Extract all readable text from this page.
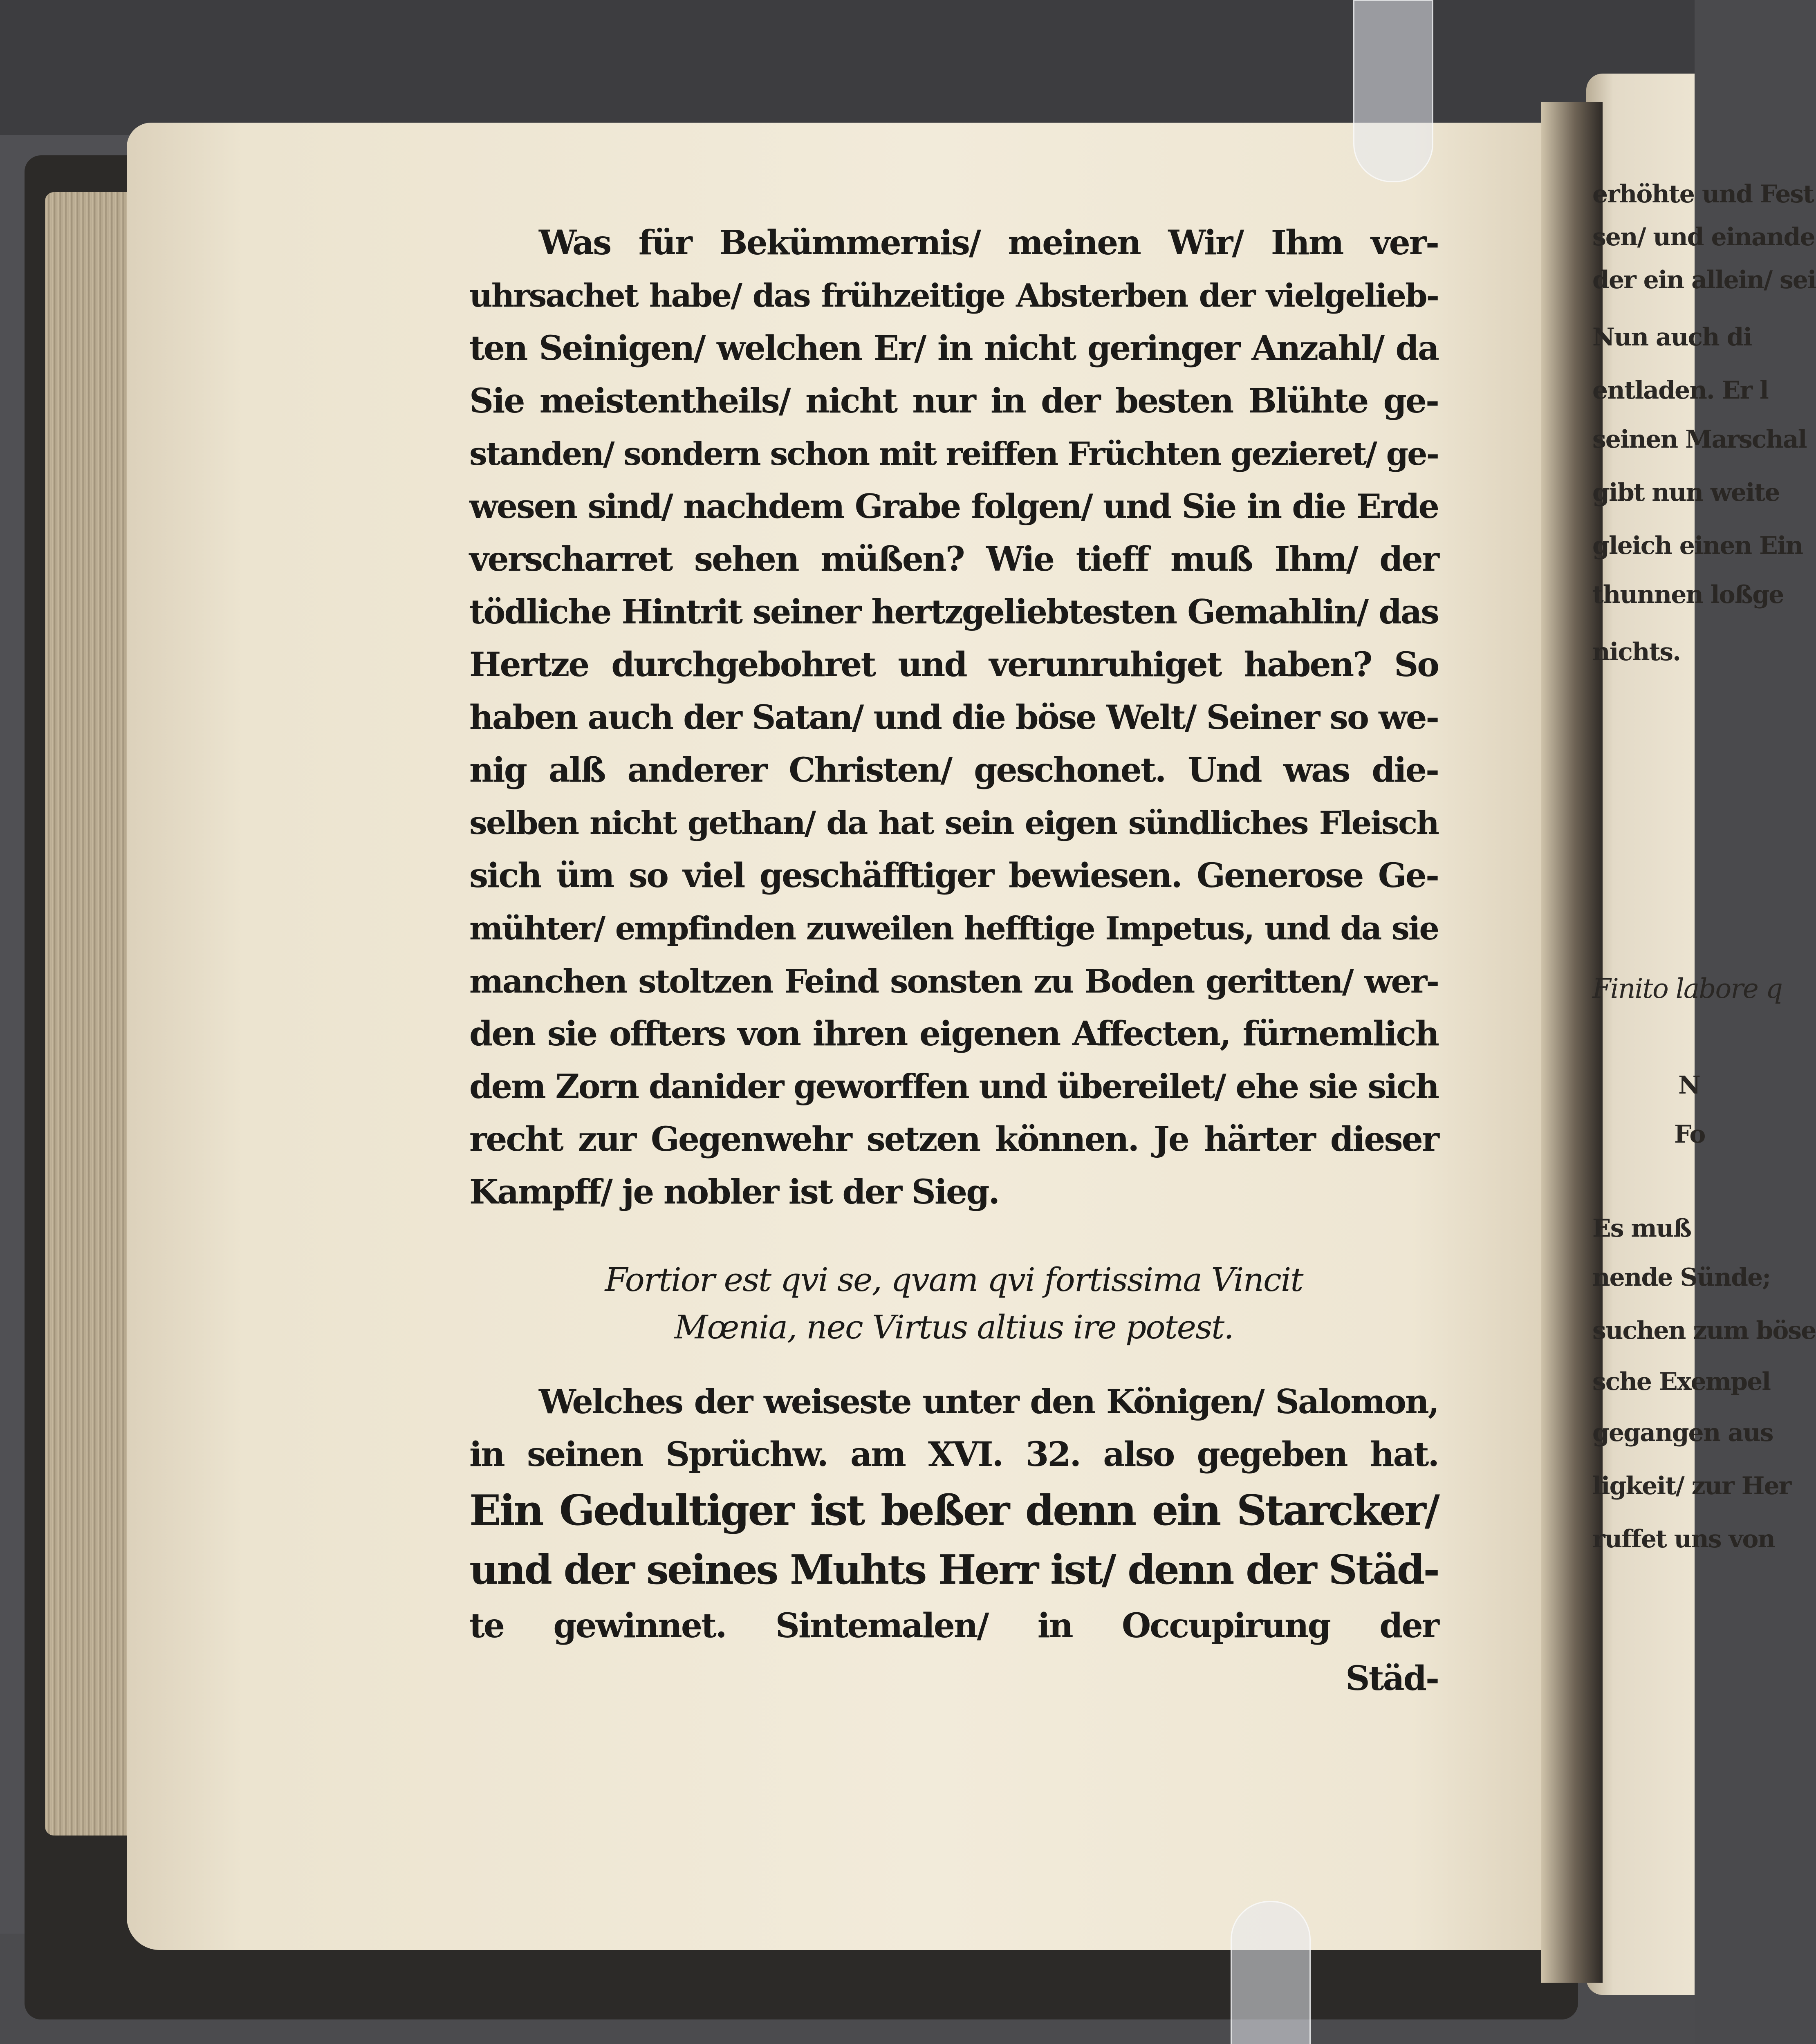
Was für Bekümmernis/ meinen Wir/ Ihm ver-
uhrsachet habe/ das frühzeitige Absterben der vielgelieb-
ten Seinigen/ welchen Er/ in nicht geringer Anzahl/ da
Sie meistentheils/ nicht nur in der besten Blühte ge-
standen/ sondern schon mit reiffen Früchten gezieret/ ge-
wesen sind/ nachdem Grabe folgen/ und Sie in die Erde
verscharret sehen müßen? Wie tieff muß Ihm/ der
tödliche Hintrit seiner hertzgeliebtesten Gemahlin/ das
Hertze durchgebohret und verunruhiget haben? So
haben auch der Satan/ und die böse Welt/ Seiner so we-
nig alß anderer Christen/ geschonet. Und was die-
selben nicht gethan/ da hat sein eigen sündliches Fleisch
sich üm so viel geschäfftiger bewiesen. Generose Ge-
mühter/ empfinden zuweilen hefftige Impetus, und da sie
manchen stoltzen Feind sonsten zu Boden geritten/ wer-
den sie offters von ihren eigenen Affecten, fürnemlich
dem Zorn danider geworffen und übereilet/ ehe sie sich
recht zur Gegenwehr setzen können. Je härter dieser
Kampff/ je nobler ist der Sieg.
Fortior est qvi se, qvam qvi fortissima Vincit
Mœnia, nec Virtus altius ire potest.
Welches der weiseste unter den Königen/ Salomon,
in seinen Sprüchw. am XVI. 32. also gegeben hat.
Ein Gedultiger ist beßer denn ein Starcker/
und der seines Muhts Herr ist/ denn der Städ-
te gewinnet. Sintemalen/ in Occupirung der
Städ-
erhöhte und Fest
sen/ und einande
der ein allein/ sei
Nun auch di
entladen. Er l
seinen Marschal
gibt nun weite
gleich einen Ein
thunnen loßge
nichts.
Finito labore q
N
Fo
Es muß
nende Sünde;
suchen zum böse
sche Exempel
gegangen aus
ligkeit/ zur Her
ruffet uns von
